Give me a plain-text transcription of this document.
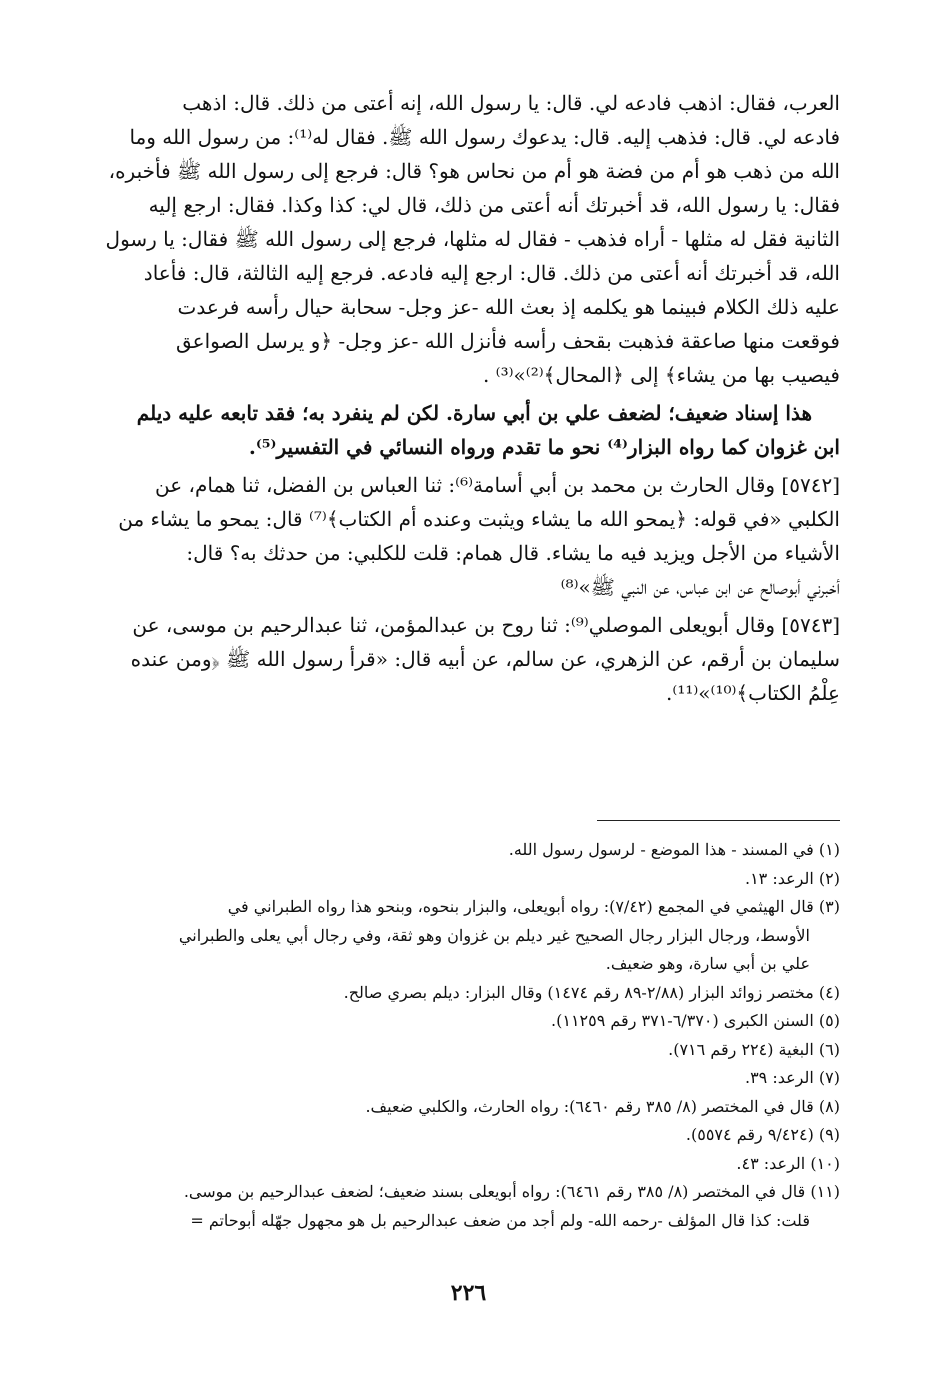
العرب، فقال: اذهب فادعه لي. قال: يا رسول الله، إنه أعتى من ذلك. قال: اذهب

فادعه لي. قال: فذهب إليه. قال: يدعوك رسول الله ﷺ. فقال له⁽¹⁾: من رسول الله وما

الله من ذهب هو أم من فضة هو أم من نحاس هو؟ قال: فرجع إلى رسول الله ﷺ فأخبره،

فقال: يا رسول الله، قد أخبرتك أنه أعتى من ذلك، قال لي: كذا وكذا. فقال: ارجع إليه

الثانية فقل له مثلها - أراه فذهب - فقال له مثلها، فرجع إلى رسول الله ﷺ فقال: يا رسول

الله، قد أخبرتك أنه أعتى من ذلك. قال: ارجع إليه فادعه. فرجع إليه الثالثة، قال: فأعاد

عليه ذلك الكلام فبينما هو يكلمه إذ بعث الله -عز وجل- سحابة حيال رأسه فرعدت

فوقعت منها صاعقة فذهبت بقحف رأسه فأنزل الله -عز وجل- ﴿و يرسل الصواعق

فيصيب بها من يشاء﴾ إلى ﴿المحال﴾⁽²⁾»⁽³⁾ .

هذا إسناد ضعيف؛ لضعف علي بن أبي سارة. لكن لم ينفرد به؛ فقد تابعه عليه ديلم

ابن غزوان كما رواه البزار⁽⁴⁾ نحو ما تقدم ورواه النسائي في التفسير⁽⁵⁾.

[٥٧٤٢] وقال الحارث بن محمد بن أبي أسامة⁽⁶⁾: ثنا العباس بن الفضل، ثنا همام، عن

الكلبي «في قوله: ﴿يمحو الله ما يشاء ويثبت وعنده أم الكتاب﴾⁽⁷⁾ قال: يمحو ما يشاء من

الأشياء من الأجل ويزيد فيه ما يشاء. قال همام: قلت للكلبي: من حدثك به؟ قال:

أخبرني أبوصالح عن ابن عباس، عن النبي ﷺ»⁽⁸⁾

[٥٧٤٣] وقال أبويعلى الموصلي⁽⁹⁾: ثنا روح بن عبدالمؤمن، ثنا عبدالرحيم بن موسى، عن

سليمان بن أرقم، عن الزهري، عن سالم، عن أبيه قال: «قرأ رسول الله ﷺ ﴿ومن عنده

عِلْمُ الكتاب﴾⁽¹⁰⁾»⁽¹¹⁾.

(١) في المسند - هذا الموضع - لرسول رسول الله.

(٢) الرعد: ١٣.

(٣) قال الهيثمي في المجمع (٧/٤٢): رواه أبويعلى، والبزار بنحوه، وبنحو هذا رواه الطبراني في

الأوسط، ورجال البزار رجال الصحيح غير ديلم بن غزوان وهو ثقة، وفي رجال أبي يعلى والطبراني

علي بن أبي سارة، وهو ضعيف.

(٤) مختصر زوائد البزار (٢/٨٨-٨٩ رقم ١٤٧٤) وقال البزار: ديلم بصري صالح.

(٥) السنن الكبرى (٦/٣٧٠-٣٧١ رقم ١١٢٥٩).

(٦) البغية (٢٢٤ رقم ٧١٦).

(٧) الرعد: ٣٩.

(٨) قال في المختصر (٨/ ٣٨٥ رقم ٦٤٦٠): رواه الحارث، والكلبي ضعيف.

(٩) (٩/٤٢٤ رقم ٥٥٧٤).

(١٠) الرعد: ٤٣.

(١١) قال في المختصر (٨/ ٣٨٥ رقم ٦٤٦١): رواه أبويعلى بسند ضعيف؛ لضعف عبدالرحيم بن موسى.

قلت: كذا قال المؤلف -رحمه الله- ولم أجد من ضعف عبدالرحيم بل هو مجهول جهّله أبوحاتم =

٢٢٦
